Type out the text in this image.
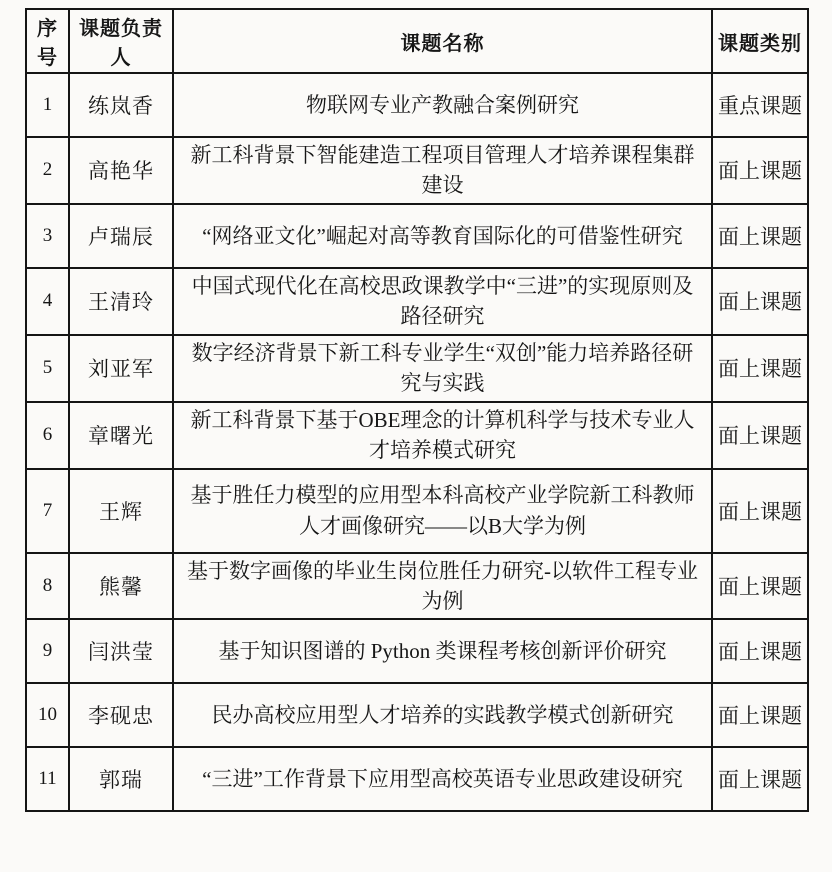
序号	课题负责人	课题名称	课题类别
1	练岚香	物联网专业产教融合案例研究	重点课题
2	高艳华	新工科背景下智能建造工程项目管理人才培养课程集群建设	面上课题
3	卢瑞辰	“网络亚文化”崛起对高等教育国际化的可借鉴性研究	面上课题
4	王清玲	中国式现代化在高校思政课教学中“三进”的实现原则及路径研究	面上课题
5	刘亚军	数字经济背景下新工科专业学生“双创”能力培养路径研究与实践	面上课题
6	章曙光	新工科背景下基于OBE理念的计算机科学与技术专业人才培养模式研究	面上课题
7	王辉	基于胜任力模型的应用型本科高校产业学院新工科教师人才画像研究——以B大学为例	面上课题
8	熊馨	基于数字画像的毕业生岗位胜任力研究-以软件工程专业为例	面上课题
9	闫洪莹	基于知识图谱的 Python 类课程考核创新评价研究	面上课题
10	李砚忠	民办高校应用型人才培养的实践教学模式创新研究	面上课题
11	郭瑞	“三进”工作背景下应用型高校英语专业思政建设研究	面上课题
